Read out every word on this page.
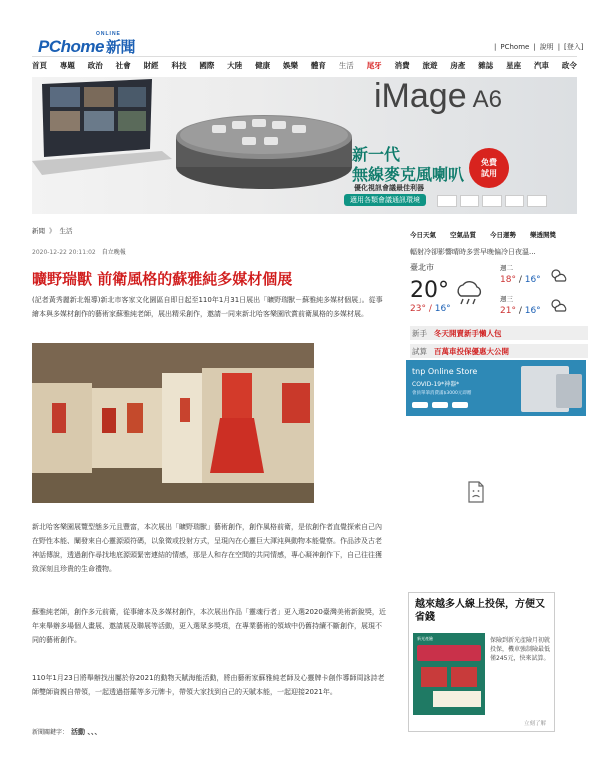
ONLINE
PChome 新聞	| PChome | 說明 | [登入]
首頁 專題 政治 社會 財經 科技 國際 大陸 健康 娛樂 體育 生活 尾牙 消費 旅遊 房產 雜誌 星座 汽車 政令
iMage A6
新一代
無線麥克風喇叭
優化視訊會議最佳利器
適用各類會議通訊環境
免費
試用
新聞 》 生活
2020-12-22 20:11:02 自立晚報
曠野瑞獸 前衛風格的蘇雅純多媒材個展
(記者黃秀麗新北報導)新北市客家文化園區自即日起至110年1月31日展出「曠野瑞獸－蘇雅純多媒材個展」。從事繪本與多媒材創作的藝術家蘇雅純老師，展出精采創作，邀請一同來新北哈客樂園欣賞前衛風格的多媒材展。
新北哈客樂園展覽型態多元且豐富，本次展出「曠野瑞獸」藝術創作，創作風格前衛，是依創作者直覺探索自己內在野性本能、闡發來自心靈源頭符碼，以象徵或投射方式，呈現內在心靈巨大渾沌與動物本能覺察。作品涉及古老神話傳說，透過創作尋找地底源頭緊密連結的情感，那是人和存在空間的共同情感，專心凝神創作下，自己往往獲致深刻且珍貴的生命禮物。
蘇雅純老師，創作多元前衛，從事繪本及多媒材創作，本次展出作品「靈魂行者」更入選2020臺灣美術新銳獎，近年來舉辦多場個人畫展、邀請展及聯展等活動，更入選眾多獎項，在專業藝術的領域中仍舊持續不斷創作，展現不同的藝術創作。
110年1月23日將舉辦找出屬於你2021的動物天賦海能活動，將由藝術家蘇雅純老師及心靈牌卡創作導師周詠詩老師雙師資親自帶領，一起透過搭羅等多元牌卡，帶領大家找到自己的天賦本能，一起迎接2021年。
新聞關鍵字： 活動 、、、
今日天氣 空氣品質 今日運勢 樂透開獎
輻射冷卻影響晴時多雲早晚偏冷日夜溫...
臺北市
20°
23° / 16°
週二
18° / 16°
週三
21° / 16°
新手 冬天開賣新手懶人包
試算 百萬車投保優惠大公開
tnp Online Store
COVID-19*神器*
會員單筆消費滿$3000元即贈
越來越多人線上投保，方便又省錢
新光產險	保險到新光產險月初就投保，機車強制險最低僅245元，快來試算。
立刻了解
